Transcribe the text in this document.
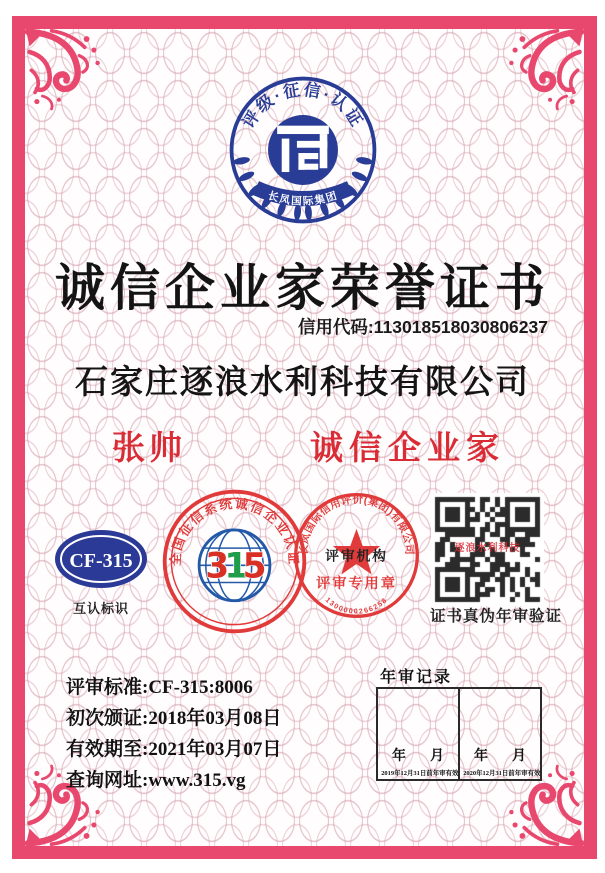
评级·征信·认证
长凤国际集团
诚信企业家荣誉证书
信用代码:113018518030806237
石家庄逐浪水利科技有限公司
张帅	诚信企业家
CF-315
互认标识
全国征信系统诚信企业认证
3
1
5	长凤国际信用评价(集团)有限公司
评审机构
评审专用章
1300000266258
逐浪水利科技
证书真伪年审验证
评审标准:CF-315:8006
初次颁证:2018年03月08日
有效期至:2021年03月07日
查询网址:www.315.vg
年审记录
年 月
2019年12月31日前年审有效
年 月
2020年12月31日前年审有效
